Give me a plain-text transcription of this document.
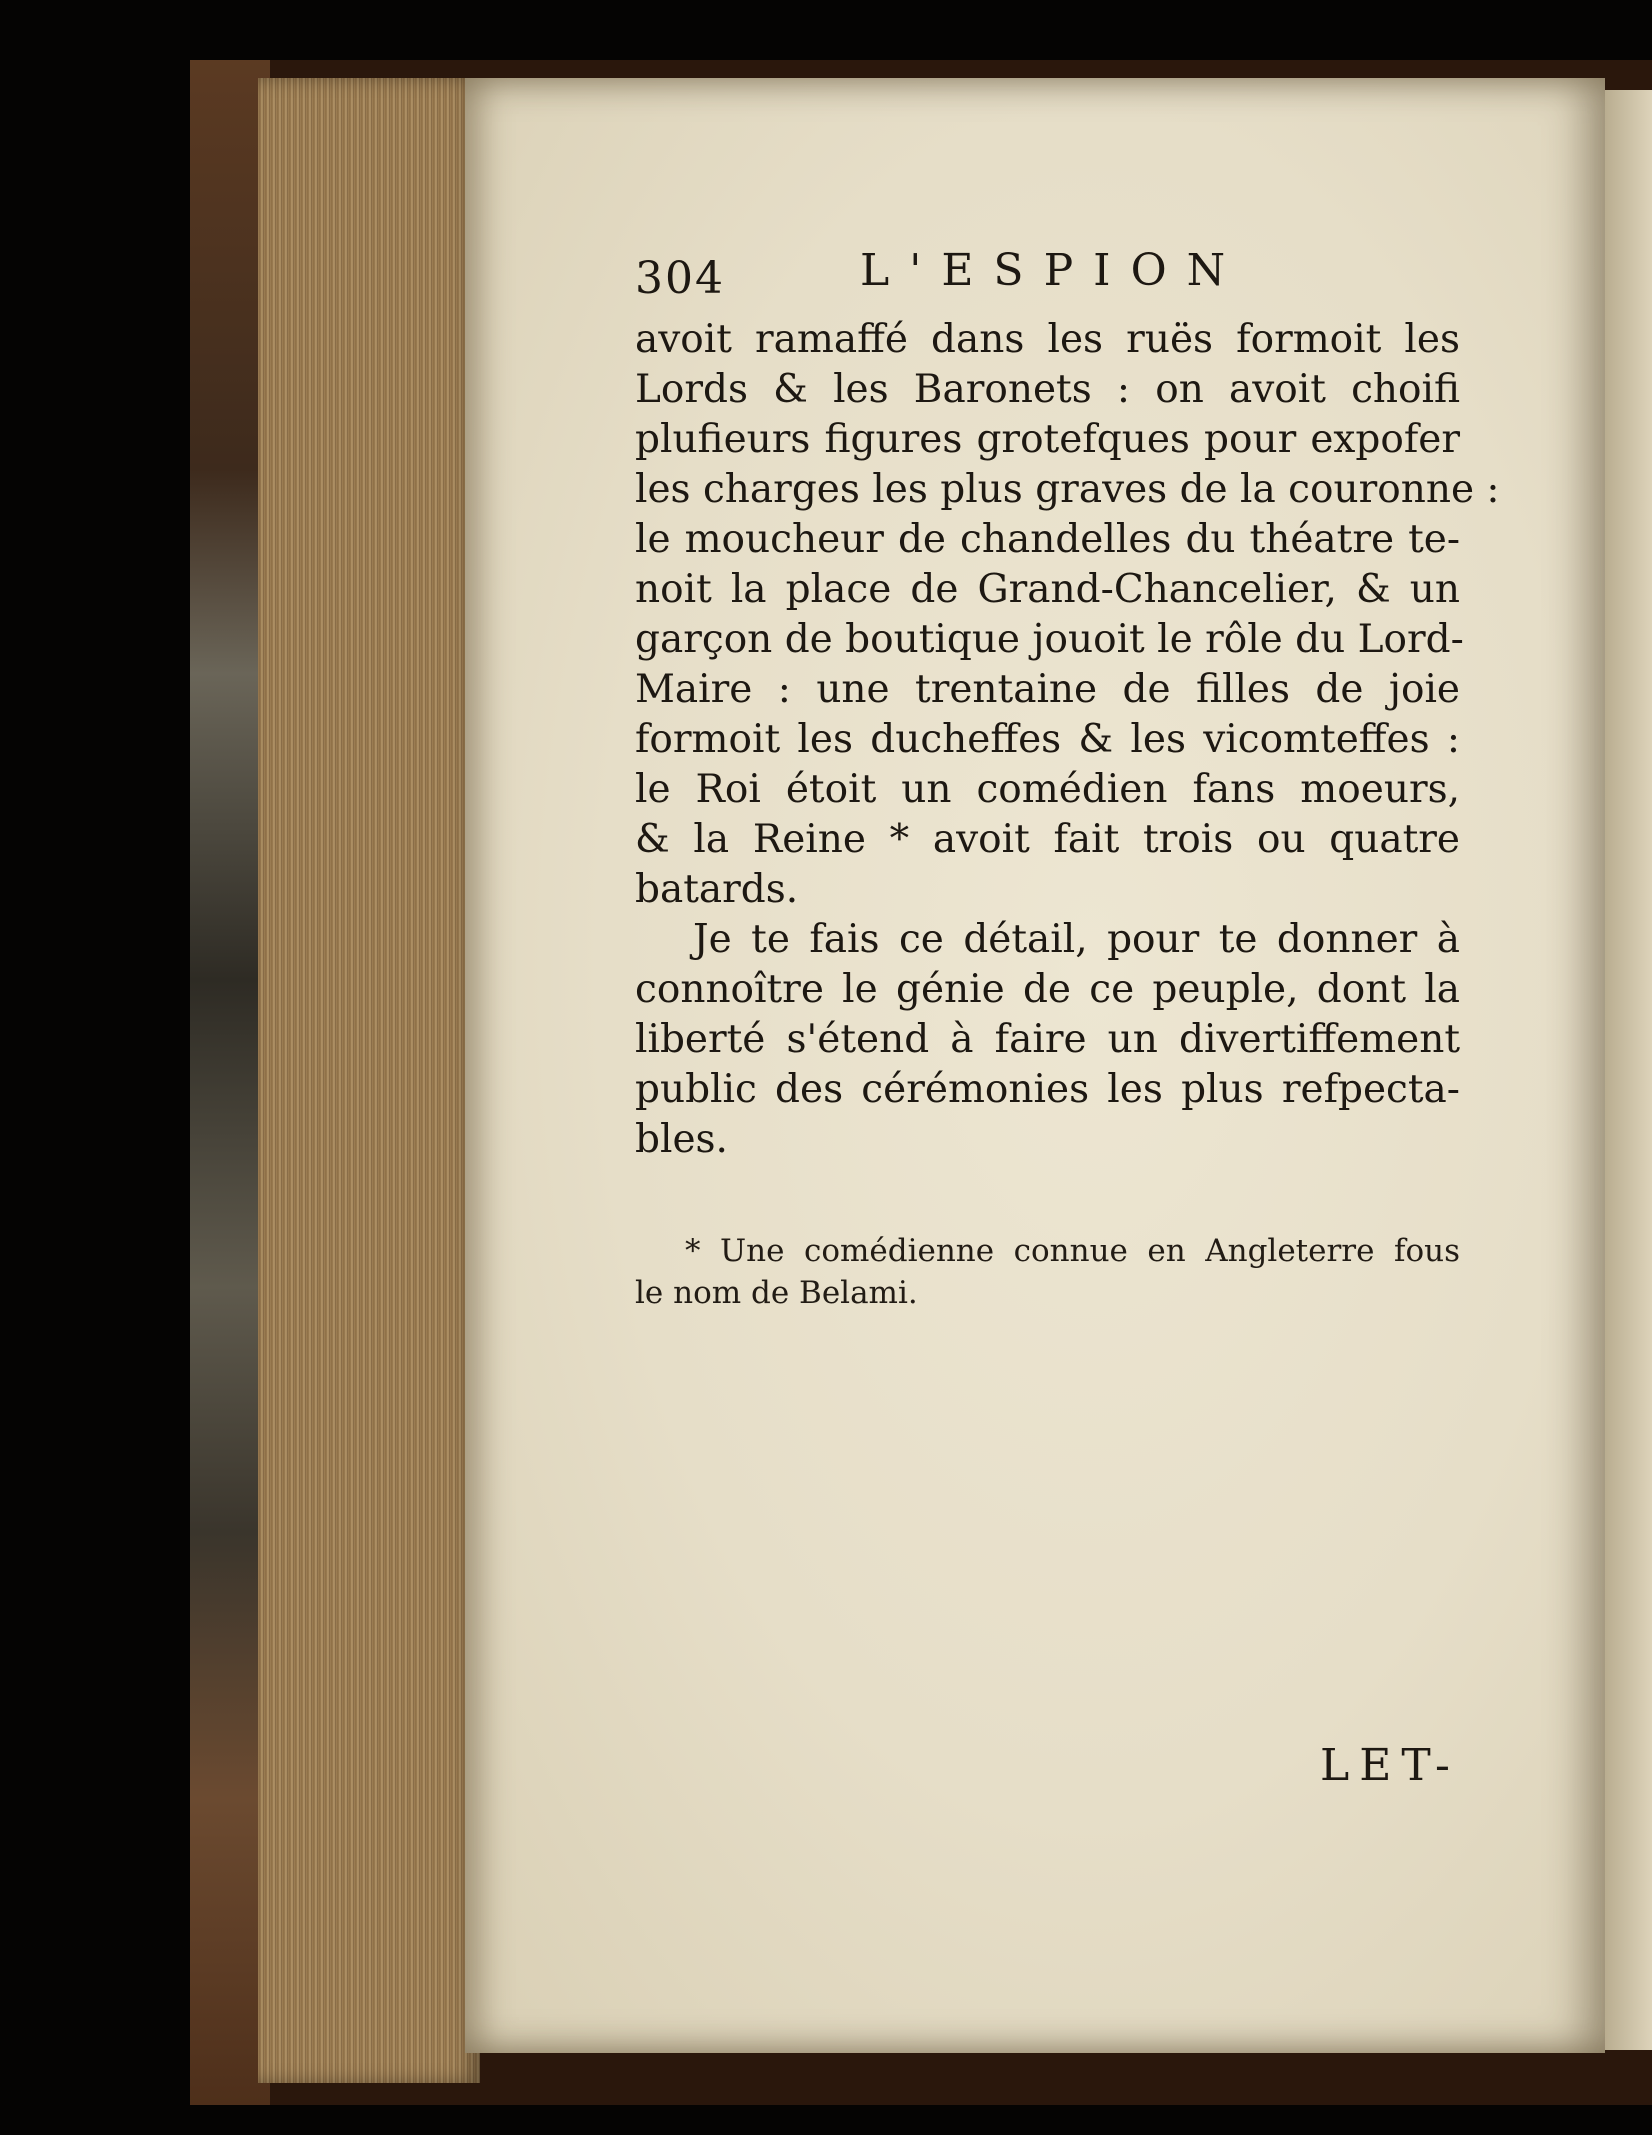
304	L'ESPION
avoit ramaffé dans les ruës formoit les
Lords & les Baronets : on avoit choifi
plufieurs figures grotefques pour expofer
les charges les plus graves de la couronne :
le moucheur de chandelles du théatre te-
noit la place de Grand-Chancelier, & un
garçon de boutique jouoit le rôle du Lord-
Maire : une trentaine de filles de joie
formoit les ducheffes & les vicomteffes :
le Roi étoit un comédien fans moeurs,
& la Reine * avoit fait trois ou quatre
batards.
Je te fais ce détail, pour te donner à
connoître le génie de ce peuple, dont la
liberté s'étend à faire un divertiffement
public des cérémonies les plus refpecta-
bles.
* Une comédienne connue en Angleterre fous
le nom de Belami.
LET-
